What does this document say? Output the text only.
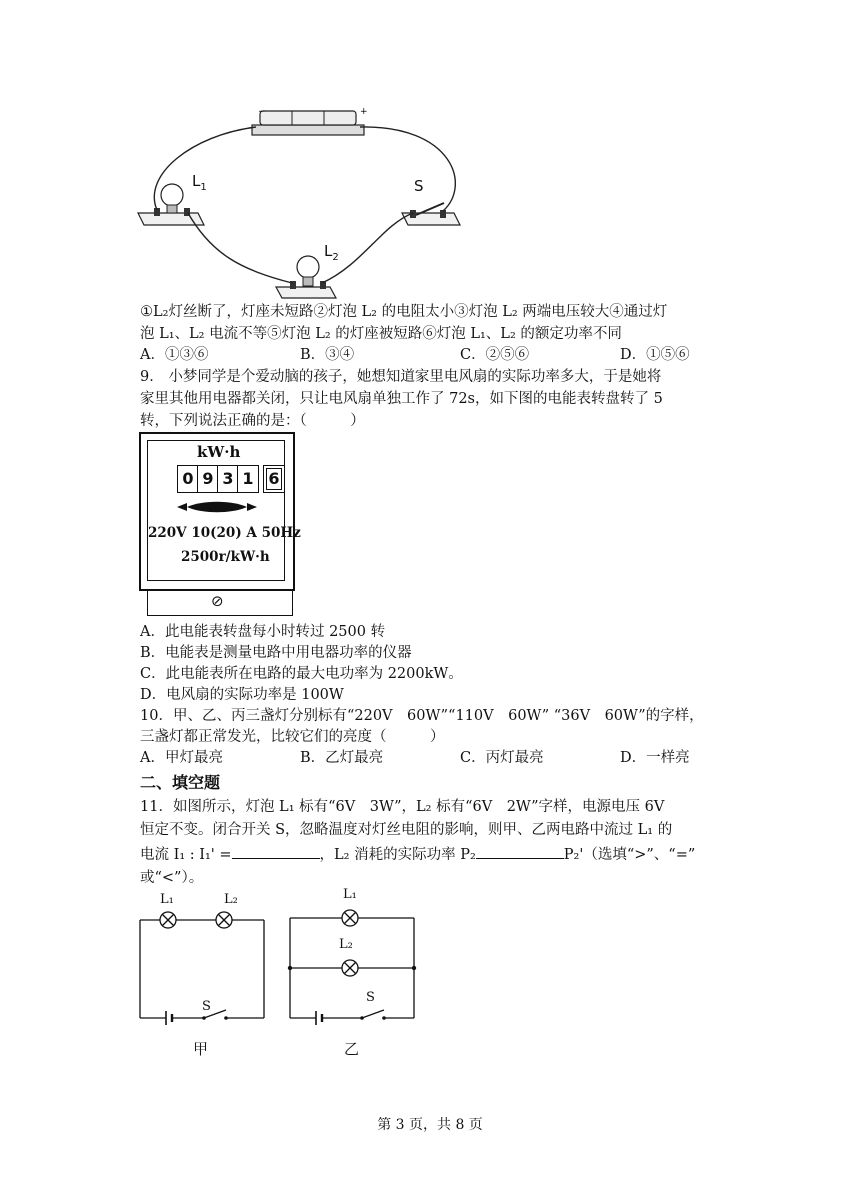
−	+
$L_1$	S
$L_2$
①L₂灯丝断了，灯座未短路②灯泡 L₂ 的电阻太小③灯泡 L₂ 两端电压较大④通过灯
泡 L₁、L₂ 电流不等⑤灯泡 L₂ 的灯座被短路⑥灯泡 L₁、L₂ 的额定功率不同
A．①③⑥	B．③④	C．②⑤⑥	D．①⑤⑥
9． 小梦同学是个爱动脑的孩子，她想知道家里电风扇的实际功率多大，于是她将
家里其他用电器都关闭，只让电风扇单独工作了 72s，如下图的电能表转盘转了 5
转，下列说法正确的是：（　　　）
kW·h
0 9 3 1 6
220V 10(20) A 50Hz
2500r/kW·h
⊘
A．此电能表转盘每小时转过 2500 转
B．电能表是测量电路中用电器功率的仪器
C．此电能表所在电路的最大电功率为 2200kW。
D．电风扇的实际功率是 100W
10．甲、乙、丙三盏灯分别标有“220V　60W”“110V　60W” “36V　60W”的字样，
三盏灯都正常发光，比较它们的亮度（　　　）
A．甲灯最亮	B．乙灯最亮	C．丙灯最亮	D．一样亮
二、填空题
11．如图所示，灯泡 L₁ 标有“6V　3W”，L₂ 标有“6V　2W”字样，电源电压 6V
恒定不变。闭合开关 S，忽略温度对灯丝电阻的影响，则甲、乙两电路中流过 L₁ 的
电流 I₁ : I₁' =	，L₂ 消耗的实际功率 P₂	P₂'（选填“>”、“=”
或“<”）。
L₁	L₂
S
甲
L₁
L₂
S
乙
第 3 页，共 8 页
